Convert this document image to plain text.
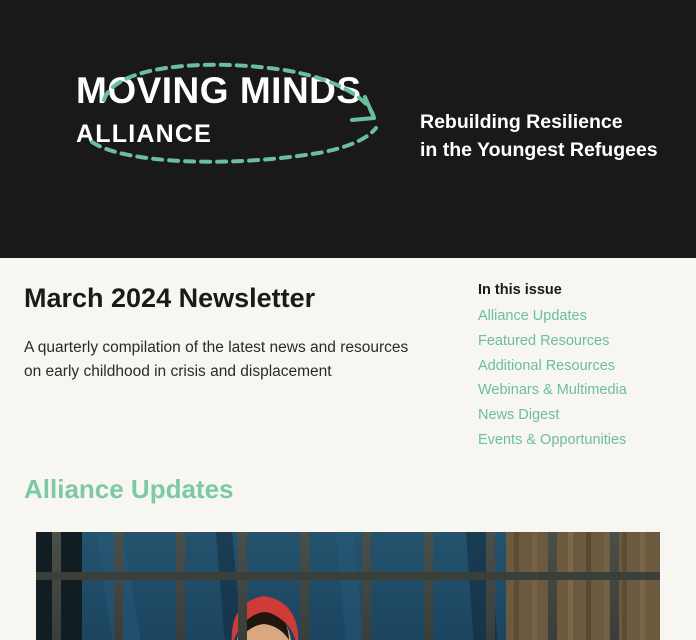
MOVING MINDS
ALLIANCE	Rebuilding Resilience
in the Youngest Refugees
March 2024 Newsletter

A quarterly compilation of the latest news and resources on early childhood in crisis and displacement

In this issue
Alliance Updates
Featured Resources
Additional Resources
Webinars & Multimedia
News Digest
Events & Opportunities
Alliance Updates
